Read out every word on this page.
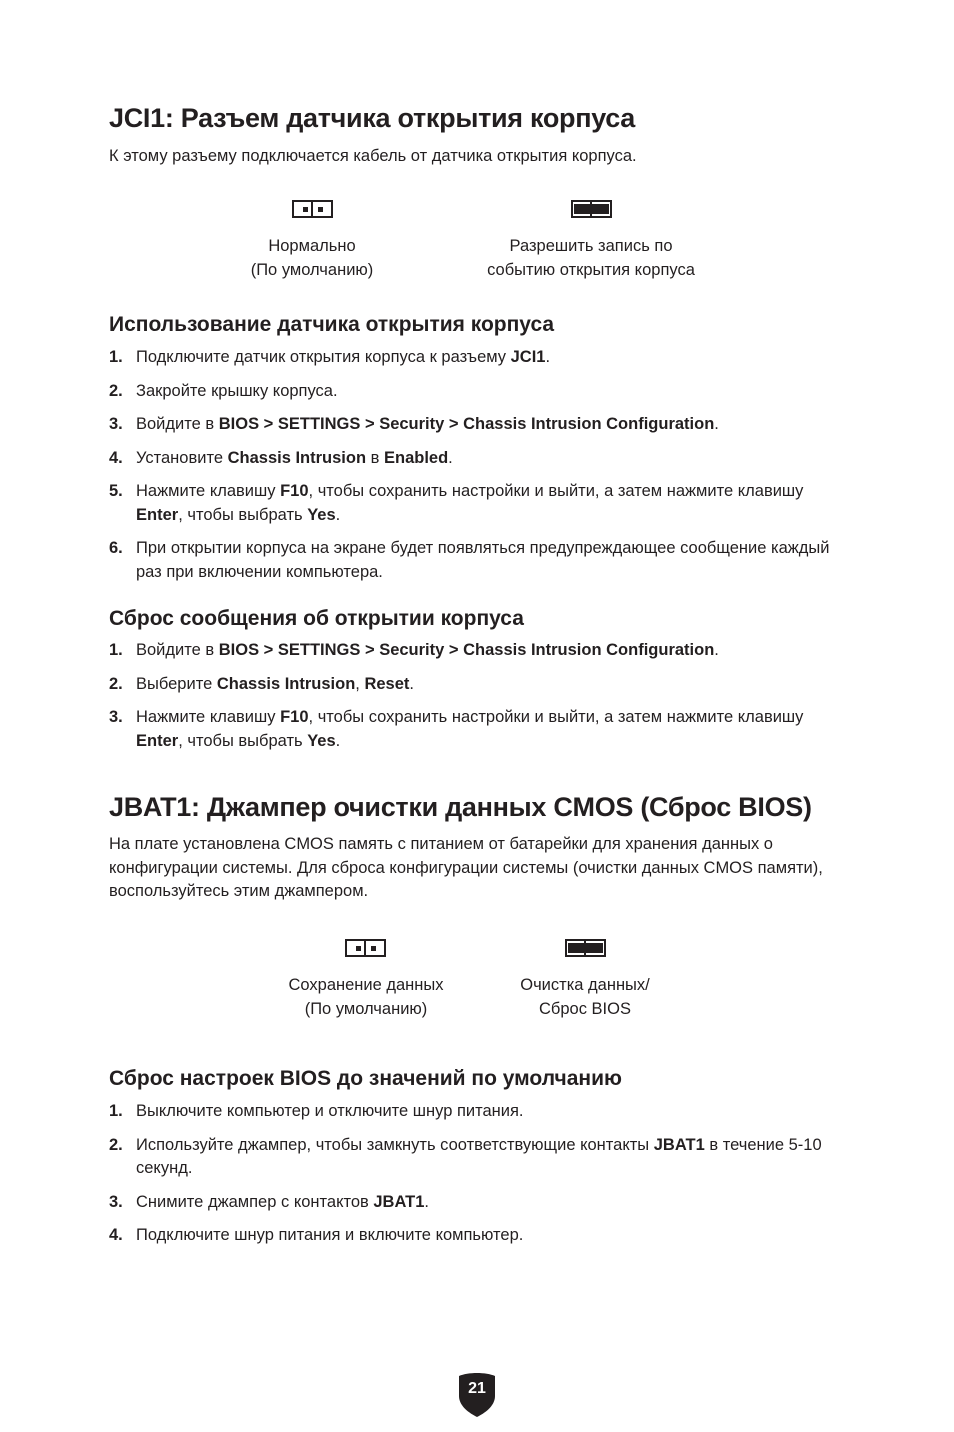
JCI1: Разъем датчика открытия корпуса

К этому разъему подключается кабель от датчика открытия корпуса.

Нормально
(По умолчанию)
Разрешить запись по
событию открытия корпуса
Использование датчика открытия корпуса
1. Подключите датчик открытия корпуса к разъему JCI1.
2. Закройте крышку корпуса.
3. Войдите в BIOS > SETTINGS > Security > Chassis Intrusion Configuration.
4. Установите Chassis Intrusion в Enabled.
5. Нажмите клавишу F10, чтобы сохранить настройки и выйти, а затем нажмите клавишу Enter, чтобы выбрать Yes.
6. При открытии корпуса на экране будет появляться предупреждающее сообщение каждый раз при включении компьютера.
Сброс сообщения об открытии корпуса
1. Войдите в BIOS > SETTINGS > Security > Chassis Intrusion Configuration.
2. Выберите Chassis Intrusion, Reset.
3. Нажмите клавишу F10, чтобы сохранить настройки и выйти, а затем нажмите клавишу Enter, чтобы выбрать Yes.
JBAT1: Джампер очистки данных CMOS (Сброс BIOS)

На плате установлена CMOS память с питанием от батарейки для хранения данных о конфигурации системы. Для сброса конфигурации системы (очистки данных CMOS памяти), воспользуйтесь этим джампером.

Сохранение данных
(По умолчанию)
Очистка данных/
Сброс BIOS
Сброс настроек BIOS до значений по умолчанию
1. Выключите компьютер и отключите шнур питания.
2. Используйте джампер, чтобы замкнуть соответствующие контакты JBAT1 в течение 5-10 секунд.
3. Снимите джампер с контактов JBAT1.
4. Подключите шнур питания и включите компьютер.
21
